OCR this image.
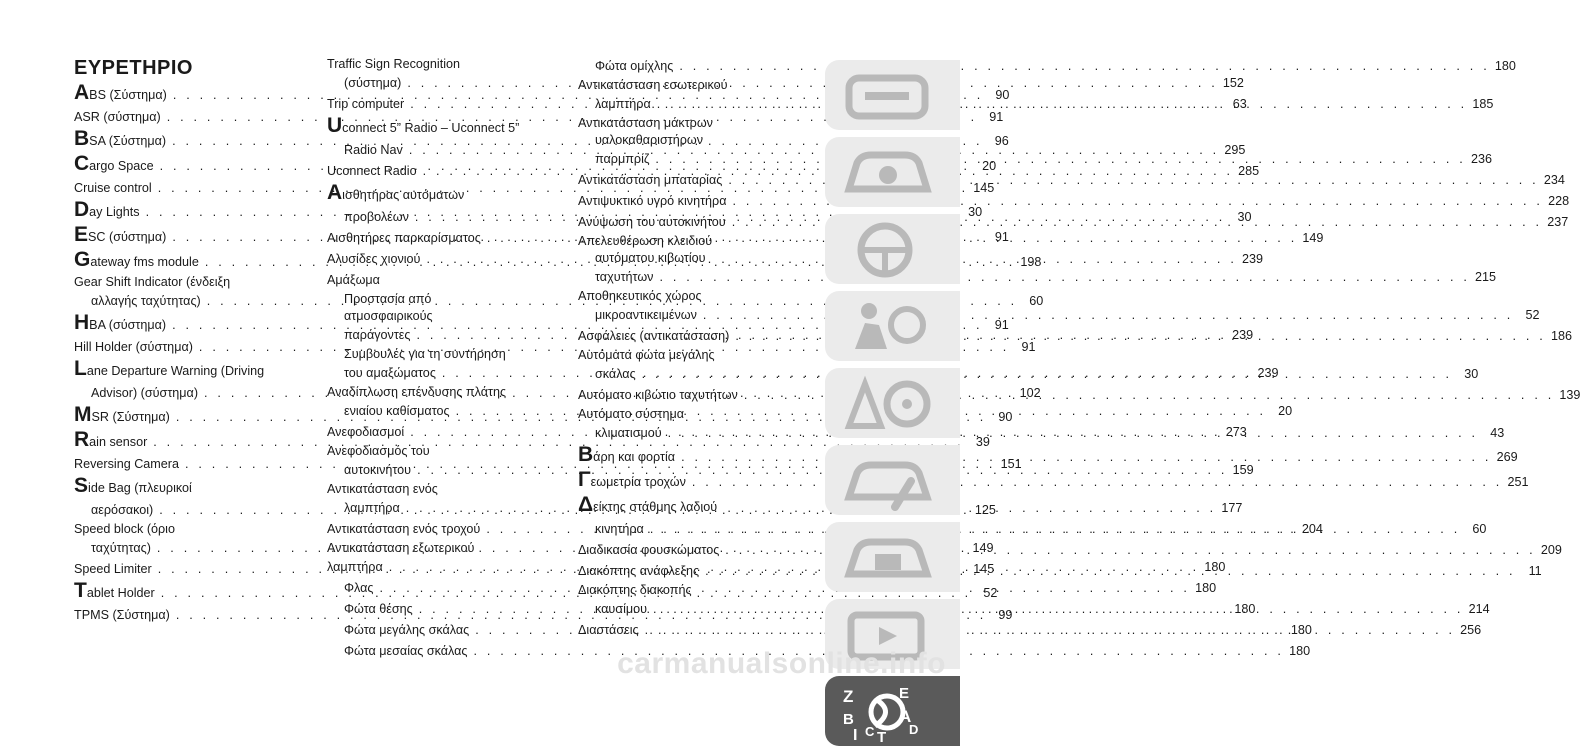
ΕΥΡΕΤΗΡΙΟ
ABS (Σύστημα) . . .	90
ASR (σύστημα) . . .	91
BSA (Σύστημα) . . .	96
Cargo Space . . .	20
Cruise control . . .	145
Day Lights . . .	30
ESC (σύστημα) . . .	91
Gateway fms module . . .	198
Gear Shift Indicator (ένδειξη
αλλαγής ταχύτητας) . . .	60
HBA (σύστημα) . . .	91
Hill Holder (σύστημα) . . .	91
Lane Departure Warning (Driving
Advisor) (σύστημα) . . .	102
MSR (Σύστημα) . . .	90
Rain sensor . . .	39
Reversing Camera . . .	151
Side Bag (πλευρικοί
αερόσακοι) . . .	125
Speed block (όριο
ταχύτητας) . . .	149
Speed Limiter . . .	145
Tablet Holder . . .	52
TPMS (Σύστημα) . . .	99
Traffic Sign Recognition
(σύστημα) . . .	152
Trip computer . . .	63
Uconnect 5” Radio – Uconnect 5”
Radio Nav . . .	295
Uconnect Radio . . .	285
Αισθητήρας αυτόματων
προβολέων . . .	30
Αισθητήρες παρκαρίσματος . . .	149
Αλυσίδες χιονιού . . .	239
Αμάξωμα
Προστασία από
ατμοσφαιρικούς
παράγοντες . . .	239
Συμβουλές για τη συντήρηση
του αμαξώματος . . .	239
Αναδίπλωση επένδυσης πλάτης
ενιαίου καθίσματος . . .	20
Ανεφοδιασμοί . . .	273
Ανεφοδιασμός του
αυτοκινήτου . . .	159
Αντικατάσταση ενός
λαμπτήρα . . .	177
Αντικατάσταση ενός τροχού . . .	204
Αντικατάσταση εξωτερικού
λαμπτήρα . . .	180
Φλας . . .	180
Φώτα θέσης . . .	180
Φώτα μεγάλης σκάλας . . .	180
Φώτα μεσαίας σκάλας . . .	180
Φώτα ομίχλης . . .	180
Αντικατάσταση εσωτερικού
λαμπτήρα . . .	185
Αντικατάσταση μάκτρων
υαλοκαθαριστήρων
παρμπρίζ . . .	236
Αντικατάσταση μπαταρίας . . .	234
Αντιψυκτικό υγρό κινητήρα . . .	228
Ανύψωση του αυτοκινήτου . . .	237
Απελευθέρωση κλειδιού
αυτόματου κιβωτίου
ταχυτήτων . . .	215
Αποθηκευτικός χώρος
μικροαντικειμένων . . .	52
Ασφάλειες (αντικατάσταση) . . .	186
Αυτόματα φώτα μεγάλης
σκάλας . . .	30
Αυτόματο κιβώτιο ταχυτήτων . . .	139
Αυτόματο σύστημα
κλιματισμού . . .	43
Βάρη και φορτία . . .	269
Γεωμετρία τροχών . . .	251
Δείκτης στάθμης λαδιού
κινητήρα . . .	60
Διαδικασία φουσκώματος . . .	209
Διακόπτης ανάφλεξης . . .	11
Διακόπτης διακοπής
καυσίμου . . .	214
Διαστάσεις . . .	256
Z	E
B	A
I C T D
carmanualsonline.info
